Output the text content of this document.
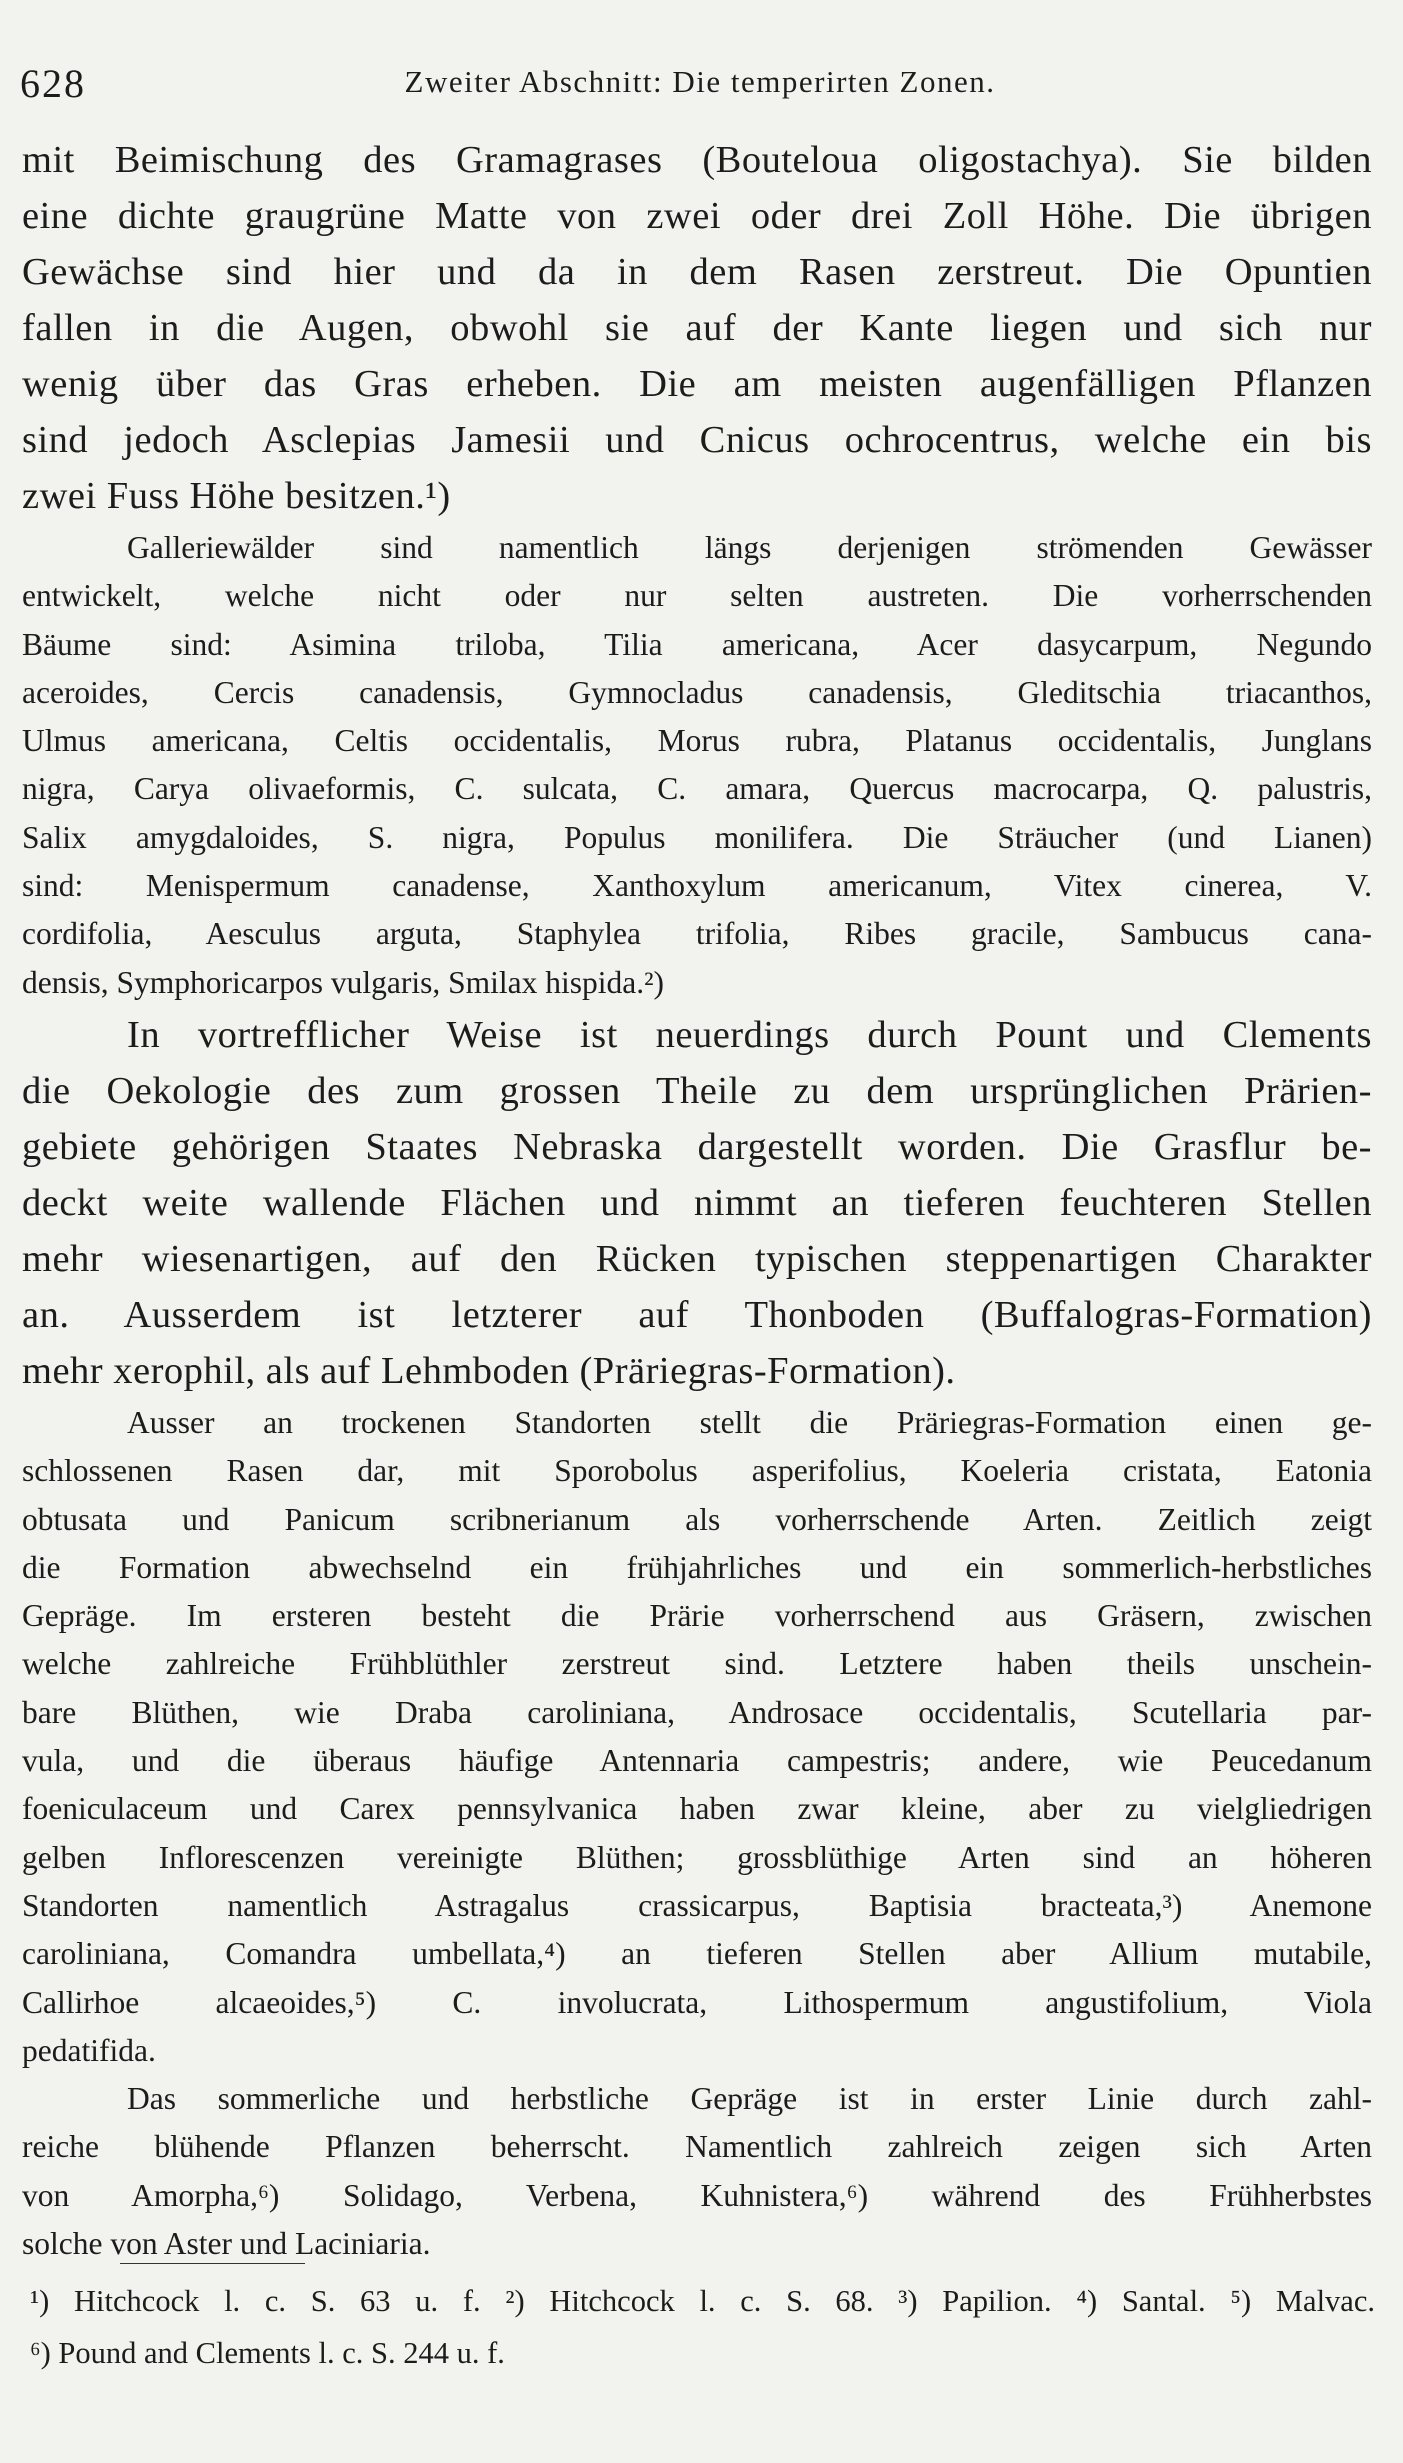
628	Zweiter Abschnitt: Die temperirten Zonen.

mit Beimischung des Gramagrases (Bouteloua oligostachya). Sie bilden
eine dichte graugrüne Matte von zwei oder drei Zoll Höhe. Die übrigen
Gewächse sind hier und da in dem Rasen zerstreut. Die Opuntien
fallen in die Augen, obwohl sie auf der Kante liegen und sich nur
wenig über das Gras erheben. Die am meisten augenfälligen Pflanzen
sind jedoch Asclepias Jamesii und Cnicus ochrocentrus, welche ein bis
zwei Fuss Höhe besitzen.¹)

Galleriewälder sind namentlich längs derjenigen strömenden Gewässer
entwickelt, welche nicht oder nur selten austreten. Die vorherrschenden
Bäume sind: Asimina triloba, Tilia americana, Acer dasycarpum, Negundo
aceroides, Cercis canadensis, Gymnocladus canadensis, Gleditschia triacanthos,
Ulmus americana, Celtis occidentalis, Morus rubra, Platanus occidentalis, Junglans
nigra, Carya olivaeformis, C. sulcata, C. amara, Quercus macrocarpa, Q. palustris,
Salix amygdaloides, S. nigra, Populus monilifera. Die Sträucher (und Lianen)
sind: Menispermum canadense, Xanthoxylum americanum, Vitex cinerea, V.
cordifolia, Aesculus arguta, Staphylea trifolia, Ribes gracile, Sambucus cana-
densis, Symphoricarpos vulgaris, Smilax hispida.²)

In vortrefflicher Weise ist neuerdings durch Pount und Clements
die Oekologie des zum grossen Theile zu dem ursprünglichen Prärien-
gebiete gehörigen Staates Nebraska dargestellt worden. Die Grasflur be-
deckt weite wallende Flächen und nimmt an tieferen feuchteren Stellen
mehr wiesenartigen, auf den Rücken typischen steppenartigen Charakter
an. Ausserdem ist letzterer auf Thonboden (Buffalogras-Formation)
mehr xerophil, als auf Lehmboden (Präriegras-Formation).

Ausser an trockenen Standorten stellt die Präriegras-Formation einen ge-
schlossenen Rasen dar, mit Sporobolus asperifolius, Koeleria cristata, Eatonia
obtusata und Panicum scribnerianum als vorherrschende Arten. Zeitlich zeigt
die Formation abwechselnd ein frühjahrliches und ein sommerlich-herbstliches
Gepräge. Im ersteren besteht die Prärie vorherrschend aus Gräsern, zwischen
welche zahlreiche Frühblüthler zerstreut sind. Letztere haben theils unschein-
bare Blüthen, wie Draba caroliniana, Androsace occidentalis, Scutellaria par-
vula, und die überaus häufige Antennaria campestris; andere, wie Peucedanum
foeniculaceum und Carex pennsylvanica haben zwar kleine, aber zu vielgliedrigen
gelben Inflorescenzen vereinigte Blüthen; grossblüthige Arten sind an höheren
Standorten namentlich Astragalus crassicarpus, Baptisia bracteata,³) Anemone
caroliniana, Comandra umbellata,⁴) an tieferen Stellen aber Allium mutabile,
Callirhoe alcaeoides,⁵) C. involucrata, Lithospermum angustifolium, Viola
pedatifida.

Das sommerliche und herbstliche Gepräge ist in erster Linie durch zahl-
reiche blühende Pflanzen beherrscht. Namentlich zahlreich zeigen sich Arten
von Amorpha,⁶) Solidago, Verbena, Kuhnistera,⁶) während des Frühherbstes
solche von Aster und Laciniaria.

¹) Hitchcock l. c. S. 63 u. f. ²) Hitchcock l. c. S. 68. ³) Papilion. ⁴) Santal. ⁵) Malvac.
⁶) Pound and Clements l. c. S. 244 u. f.
